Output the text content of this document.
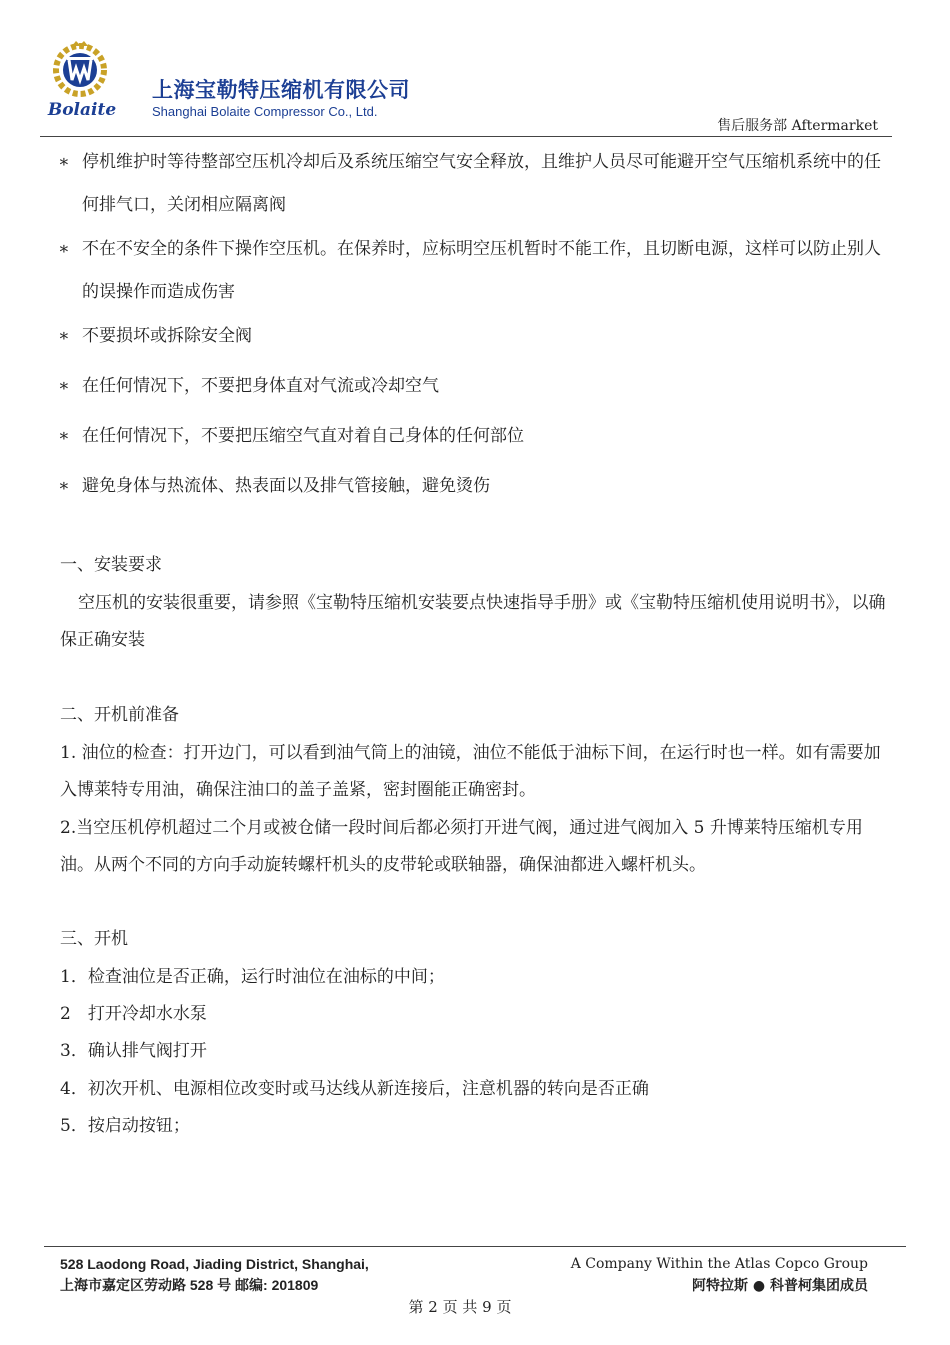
Bolaite
上海宝勒特压缩机有限公司
Shanghai Bolaite Compressor Co., Ltd.
售后服务部 Aftermarket
∗ 停机维护时等待整部空压机冷却后及系统压缩空气安全释放，且维护人员尽可能避开空气压缩机系统中的任何排气口，关闭相应隔离阀
∗ 不在不安全的条件下操作空压机。在保养时，应标明空压机暂时不能工作，且切断电源，这样可以防止别人的误操作而造成伤害
∗ 不要损坏或拆除安全阀
∗ 在任何情况下，不要把身体直对气流或冷却空气
∗ 在任何情况下，不要把压缩空气直对着自己身体的任何部位
∗ 避免身体与热流体、热表面以及排气管接触，避免烫伤
一、安装要求
空压机的安装很重要，请参照《宝勒特压缩机安装要点快速指导手册》或《宝勒特压缩机使用说明书》，以确保正确安装
二、开机前准备
1. 油位的检查：打开边门，可以看到油气筒上的油镜，油位不能低于油标下间，在运行时也一样。如有需要加入博莱特专用油，确保注油口的盖子盖紧，密封圈能正确密封。
2.当空压机停机超过二个月或被仓储一段时间后都必须打开进气阀，通过进气阀加入 5 升博莱特压缩机专用油。从两个不同的方向手动旋转螺杆机头的皮带轮或联轴器，确保油都进入螺杆机头。
三、开机
1．检查油位是否正确，运行时油位在油标的中间；
2　打开冷却水水泵
3．确认排气阀打开
4．初次开机、电源相位改变时或马达线从新连接后，注意机器的转向是否正确
5．按启动按钮；
528 Laodong Road, Jiading District, Shanghai,
上海市嘉定区劳动路 528 号 邮编: 201809
A Company Within the Atlas Copco Group
阿特拉斯 ● 科普柯集团成员
第 2 页 共 9 页
